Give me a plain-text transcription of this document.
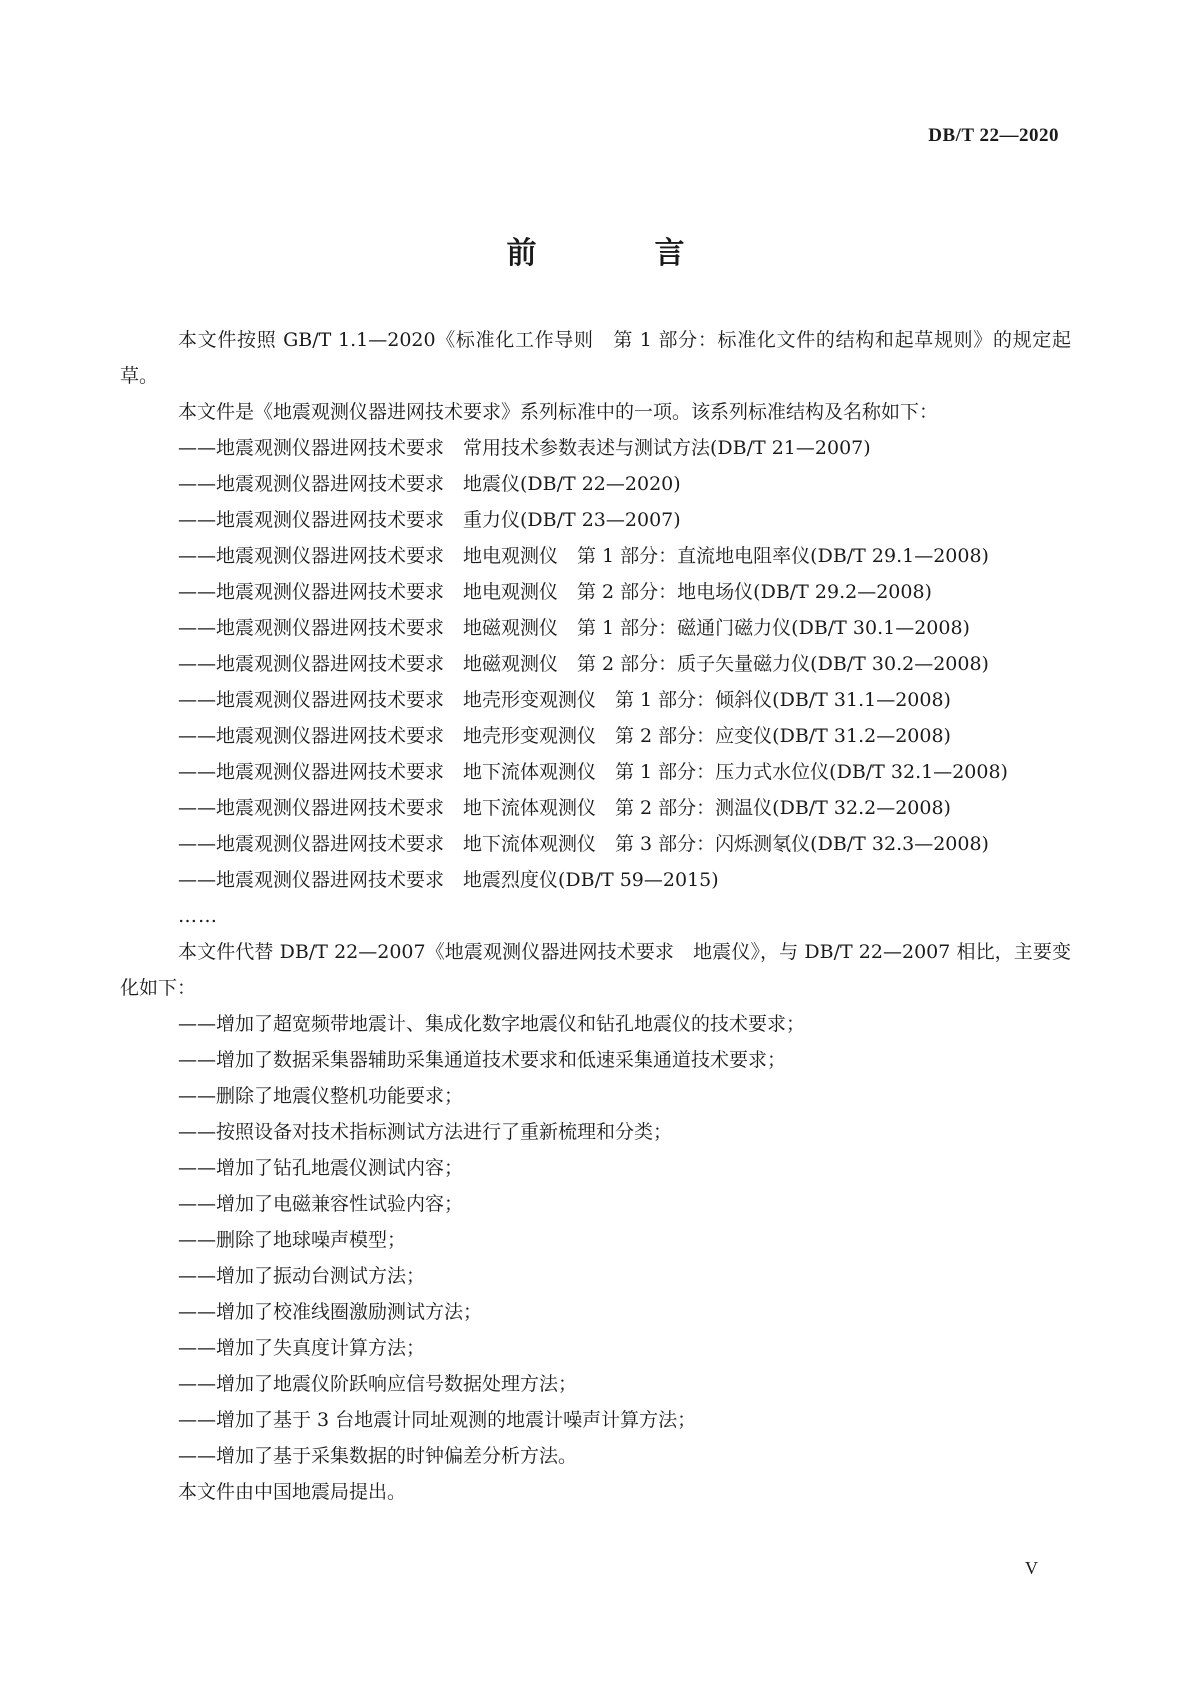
DB/T 22—2020
前　言

本文件按照 GB/T 1.1—2020《标准化工作导则　第 1 部分：标准化文件的结构和起草规则》的规定起草。

本文件是《地震观测仪器进网技术要求》系列标准中的一项。该系列标准结构及名称如下：

——地震观测仪器进网技术要求　常用技术参数表述与测试方法(DB/T 21—2007)

——地震观测仪器进网技术要求　地震仪(DB/T 22—2020)

——地震观测仪器进网技术要求　重力仪(DB/T 23—2007)

——地震观测仪器进网技术要求　地电观测仪　第 1 部分：直流地电阻率仪(DB/T 29.1—2008)

——地震观测仪器进网技术要求　地电观测仪　第 2 部分：地电场仪(DB/T 29.2—2008)

——地震观测仪器进网技术要求　地磁观测仪　第 1 部分：磁通门磁力仪(DB/T 30.1—2008)

——地震观测仪器进网技术要求　地磁观测仪　第 2 部分：质子矢量磁力仪(DB/T 30.2—2008)

——地震观测仪器进网技术要求　地壳形变观测仪　第 1 部分：倾斜仪(DB/T 31.1—2008)

——地震观测仪器进网技术要求　地壳形变观测仪　第 2 部分：应变仪(DB/T 31.2—2008)

——地震观测仪器进网技术要求　地下流体观测仪　第 1 部分：压力式水位仪(DB/T 32.1—2008)

——地震观测仪器进网技术要求　地下流体观测仪　第 2 部分：测温仪(DB/T 32.2—2008)

——地震观测仪器进网技术要求　地下流体观测仪　第 3 部分：闪烁测氡仪(DB/T 32.3—2008)

——地震观测仪器进网技术要求　地震烈度仪(DB/T 59—2015)

……

本文件代替 DB/T 22—2007《地震观测仪器进网技术要求　地震仪》，与 DB/T 22—2007 相比，主要变化如下：

——增加了超宽频带地震计、集成化数字地震仪和钻孔地震仪的技术要求；

——增加了数据采集器辅助采集通道技术要求和低速采集通道技术要求；

——删除了地震仪整机功能要求；

——按照设备对技术指标测试方法进行了重新梳理和分类；

——增加了钻孔地震仪测试内容；

——增加了电磁兼容性试验内容；

——删除了地球噪声模型；

——增加了振动台测试方法；

——增加了校准线圈激励测试方法；

——增加了失真度计算方法；

——增加了地震仪阶跃响应信号数据处理方法；

——增加了基于 3 台地震计同址观测的地震计噪声计算方法；

——增加了基于采集数据的时钟偏差分析方法。

本文件由中国地震局提出。

V
